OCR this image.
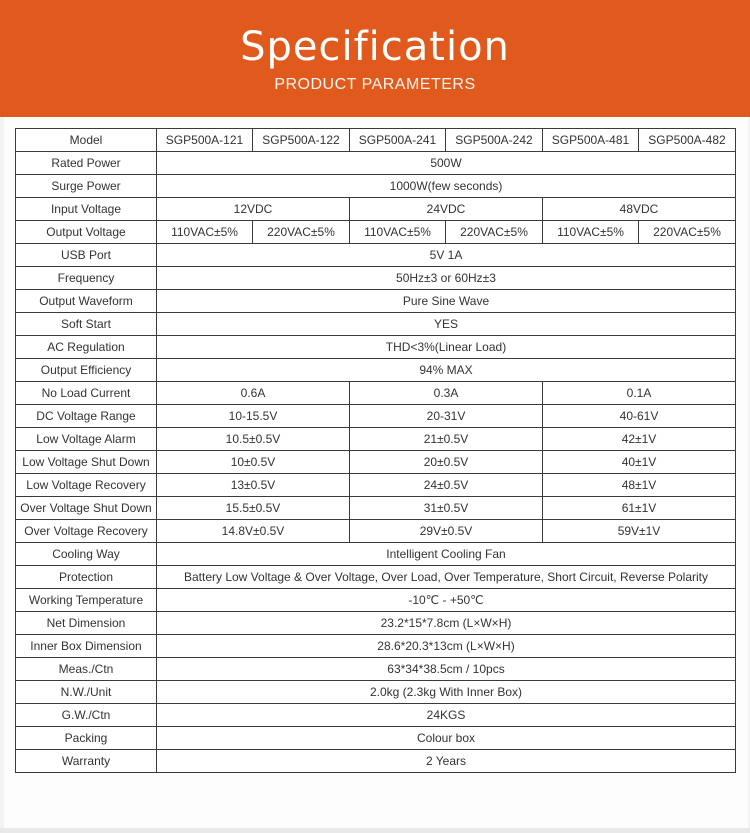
Specification
PRODUCT PARAMETERS
Model	SGP500A-121	SGP500A-122	SGP500A-241	SGP500A-242	SGP500A-481	SGP500A-482
Rated Power	500W					
Surge Power	1000W(few seconds)					
Input Voltage	12VDC		24VDC		48VDC	
Output Voltage	110VAC±5%	220VAC±5%	110VAC±5%	220VAC±5%	110VAC±5%	220VAC±5%
USB Port	5V 1A					
Frequency	50Hz±3 or 60Hz±3					
Output Waveform	Pure Sine Wave					
Soft Start	YES					
AC Regulation	THD<3%(Linear Load)					
Output Efficiency	94% MAX					
No Load Current	0.6A		0.3A		0.1A	
DC Voltage Range	10-15.5V		20-31V		40-61V	
Low Voltage Alarm	10.5±0.5V		21±0.5V		42±1V	
Low Voltage Shut Down	10±0.5V		20±0.5V		40±1V	
Low Voltage Recovery	13±0.5V		24±0.5V		48±1V	
Over Voltage Shut Down	15.5±0.5V		31±0.5V		61±1V	
Over Voltage Recovery	14.8V±0.5V		29V±0.5V		59V±1V	
Cooling Way	Intelligent Cooling Fan					
Protection	Battery Low Voltage & Over Voltage, Over Load, Over Temperature, Short Circuit, Reverse Polarity					
Working Temperature	-10℃ - +50℃					
Net Dimension	23.2*15*7.8cm (L×W×H)					
Inner Box Dimension	28.6*20.3*13cm (L×W×H)					
Meas./Ctn	63*34*38.5cm / 10pcs					
N.W./Unit	2.0kg (2.3kg With Inner Box)					
G.W./Ctn	24KGS					
Packing	Colour box					
Warranty	2 Years					
